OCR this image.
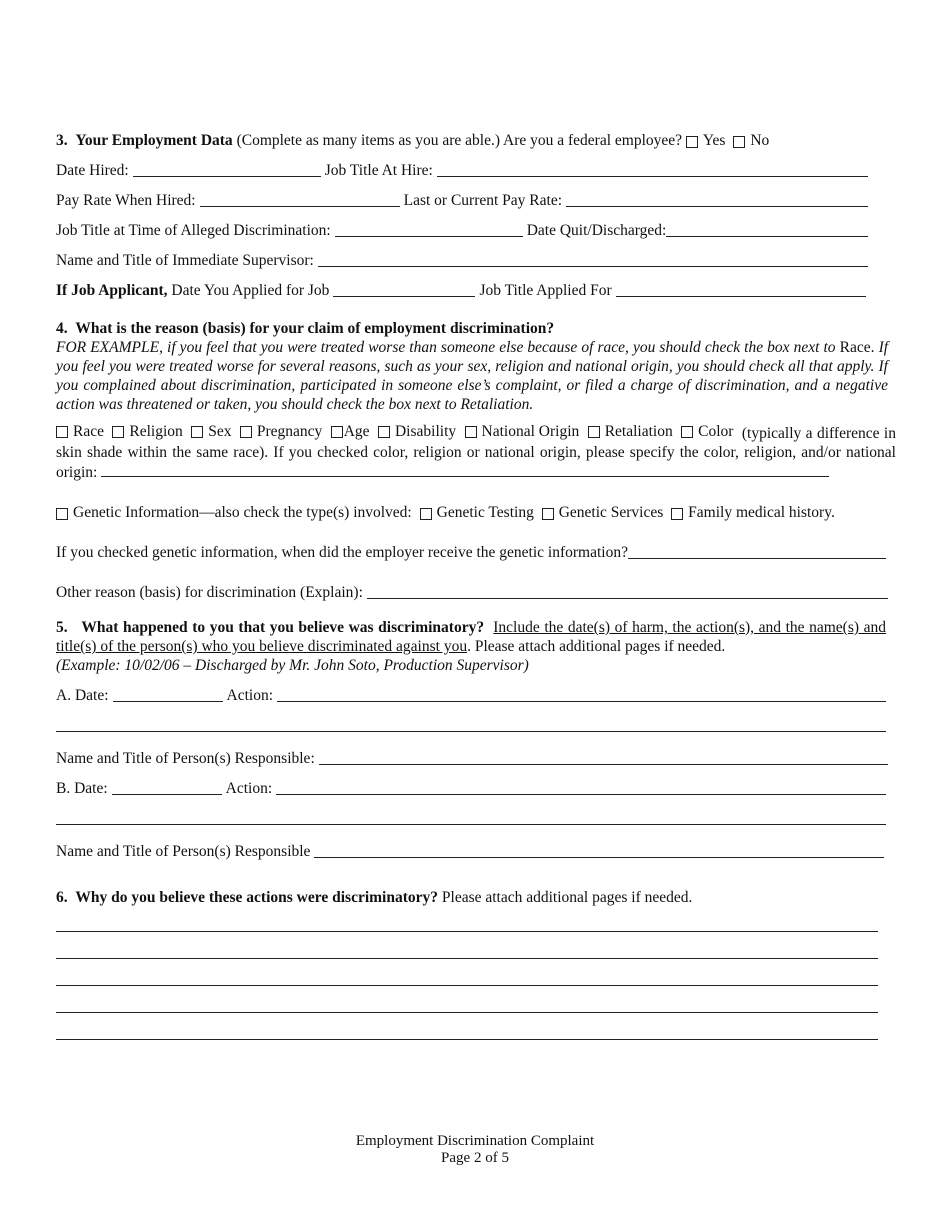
3.
Your Employment Data
(Complete as many items as you are able.) Are you a federal employee?
Yes
No
Date Hired:	Job Title At Hire:
Pay Rate When Hired:	Last or Current Pay Rate:
Job Title at Time of Alleged Discrimination:	Date Quit/Discharged:
Name and Title of Immediate Supervisor:
If Job Applicant,
Date You Applied for Job	Job Title Applied For
4.
What is the reason (basis) for your claim of employment discrimination?
FOR EXAMPLE, if you feel that you were treated worse than someone else because of race, you should check the box next to Race. If you feel you were treated worse for several reasons, such as your sex, religion and national origin, you should check all that apply. If you complained about discrimination, participated in someone else’s complaint, or filed a charge of discrimination, and a negative action was threatened or taken, you should check the box next to Retaliation.
Race
Religion
Sex
Pregnancy
Age
Disability
National Origin
Retaliation
Color (typically a difference in skin shade within the same race). If you checked color, religion or national origin, please specify the color, religion, and/or national origin:
Genetic Information—also check the type(s) involved:
Genetic Testing
Genetic Services
Family medical history.
If you checked genetic information, when did the employer receive the genetic information?
Other reason (basis) for discrimination (Explain):
5. What happened to you that you believe was discriminatory? Include the date(s) of harm, the action(s), and the name(s) and title(s) of the person(s) who you believe discriminated against you. Please attach additional pages if needed.
(Example: 10/02/06 – Discharged by Mr. John Soto, Production Supervisor)
A. Date:	Action:
Name and Title of Person(s) Responsible:
B. Date:	Action:
Name and Title of Person(s) Responsible
6.
Why do you believe these actions were discriminatory?
Please attach additional pages if needed.
Employment Discrimination Complaint
Page 2 of 5
